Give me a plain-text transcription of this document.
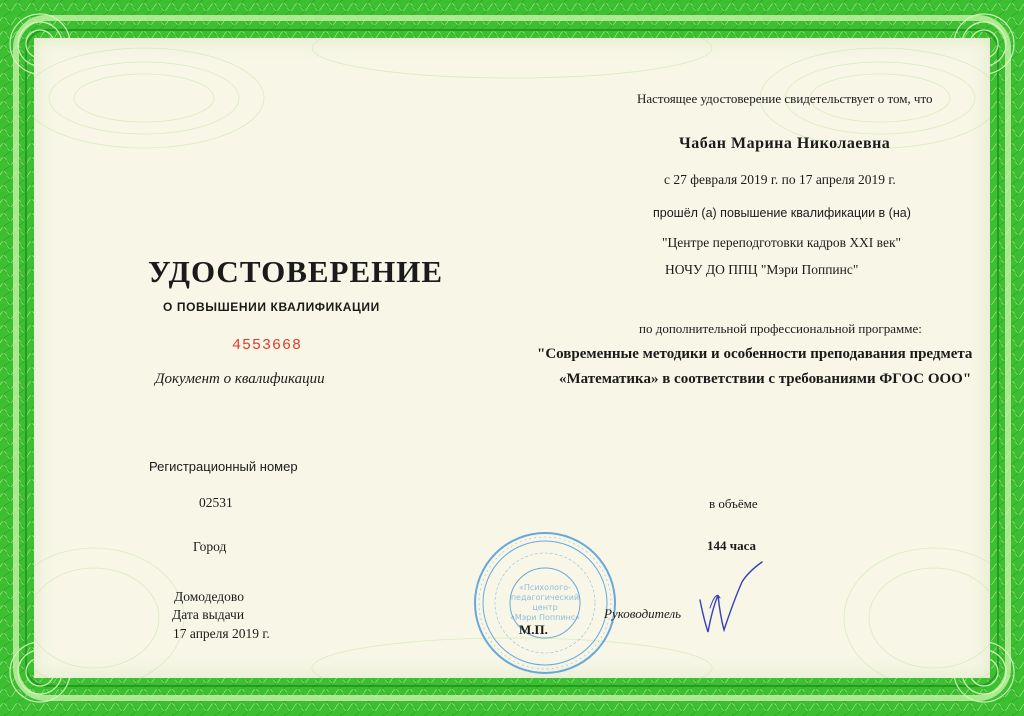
УДОСТОВЕРЕНИЕ
О ПОВЫШЕНИИ КВАЛИФИКАЦИИ
4553668
Документ о квалификации
Регистрационный номер
02531
Город
Домодедово
Дата выдачи
17 апреля 2019 г.
Настоящее удостоверение свидетельствует о том, что
Чабан Марина Николаевна
с 27 февраля 2019 г. по 17 апреля 2019 г.
прошёл (а) повышение квалификации в (на)
"Центре переподготовки кадров XXI век"
НОЧУ ДО ППЦ "Мэри Поппинс"
по дополнительной профессиональной программе:
"Современные методики и особенности преподавания предмета
«Математика» в соответствии с требованиями ФГОС ООО"
в объёме
144 часа
«Психолого-
педагогический
центр
«Мэри Поппинс»
М.П.
Руководитель
